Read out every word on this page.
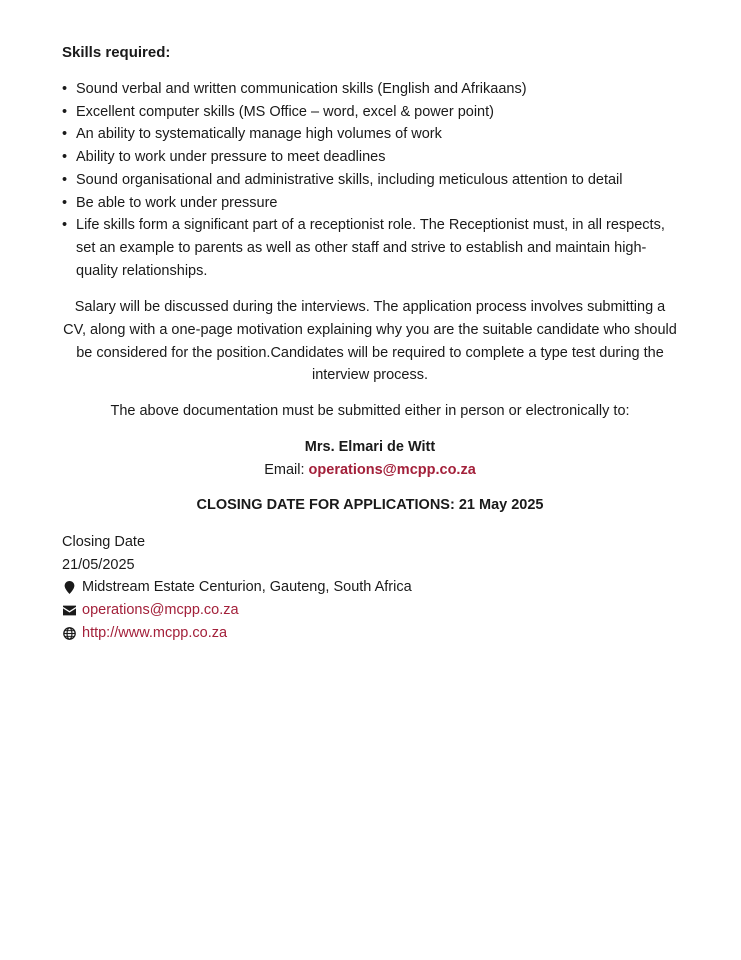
Skills required:
• Sound verbal and written communication skills (English and Afrikaans)
• Excellent computer skills (MS Office – word, excel & power point)
• An ability to systematically manage high volumes of work
• Ability to work under pressure to meet deadlines
• Sound organisational and administrative skills, including meticulous attention to detail
• Be able to work under pressure
• Life skills form a significant part of a receptionist role. The Receptionist must, in all respects, set an example to parents as well as other staff and strive to establish and maintain high-quality relationships.
Salary will be discussed during the interviews. The application process involves submitting a CV, along with a one-page motivation explaining why you are the suitable candidate who should be considered for the position.Candidates will be required to complete a type test during the interview process.
The above documentation must be submitted either in person or electronically to:
Mrs. Elmari de Witt
Email: operations@mcpp.co.za
CLOSING DATE FOR APPLICATIONS: 21 May 2025
Closing Date
21/05/2025
Midstream Estate Centurion, Gauteng, South Africa
operations@mcpp.co.za
http://www.mcpp.co.za
